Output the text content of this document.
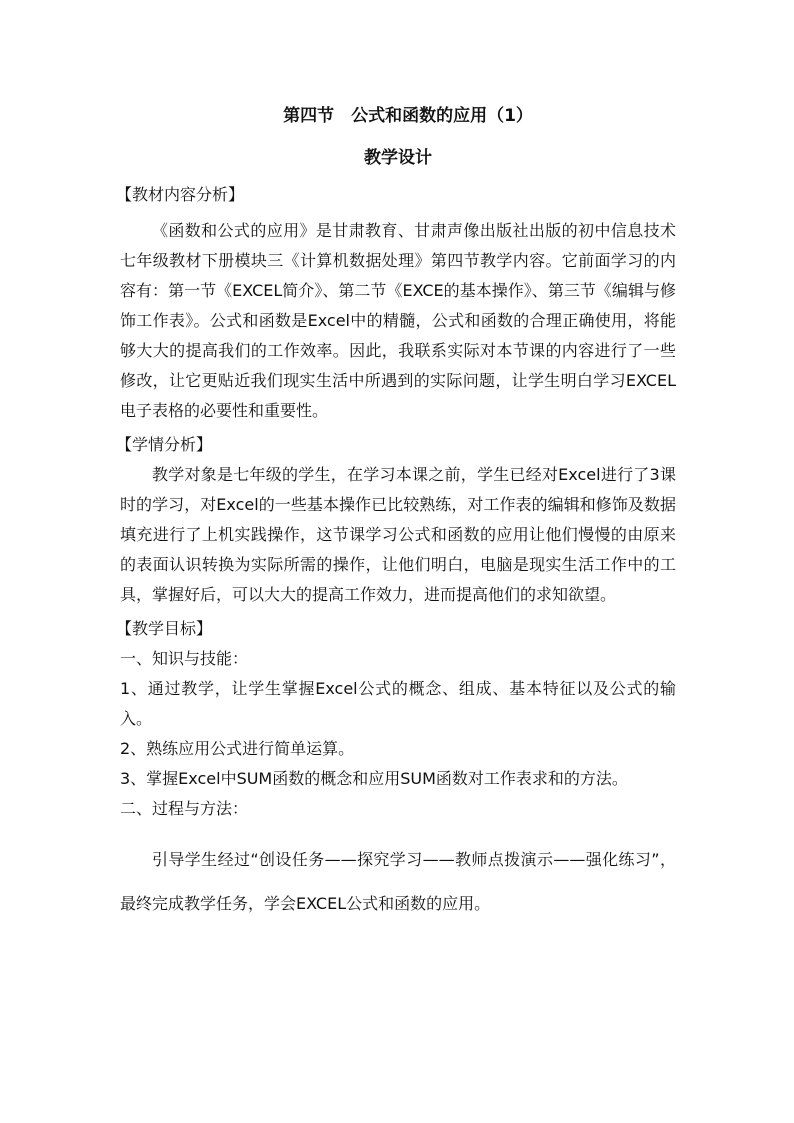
第四节　公式和函数的应用（1）

教学设计

【教材内容分析】

《函数和公式的应用》是甘肃教育、甘肃声像出版社出版的初中信息技术七年级教材下册模块三《计算机数据处理》第四节教学内容。它前面学习的内容有：第一节《EXCEL简介》、第二节《EXCE的基本操作》、第三节《编辑与修饰工作表》。公式和函数是Excel中的精髓，公式和函数的合理正确使用，将能够大大的提高我们的工作效率。因此，我联系实际对本节课的内容进行了一些修改，让它更贴近我们现实生活中所遇到的实际问题，让学生明白学习EXCEL电子表格的必要性和重要性。

【学情分析】

教学对象是七年级的学生，在学习本课之前，学生已经对Excel进行了3课时的学习，对Excel的一些基本操作已比较熟练，对工作表的编辑和修饰及数据填充进行了上机实践操作，这节课学习公式和函数的应用让他们慢慢的由原来的表面认识转换为实际所需的操作，让他们明白，电脑是现实生活工作中的工具，掌握好后，可以大大的提高工作效力，进而提高他们的求知欲望。

【教学目标】

一、知识与技能：

1、通过教学，让学生掌握Excel公式的概念、组成、基本特征以及公式的输入。

2、熟练应用公式进行简单运算。

3、掌握Excel中SUM函数的概念和应用SUM函数对工作表求和的方法。

二、过程与方法：

引导学生经过“创设任务——探究学习——教师点拨演示——强化练习”，最终完成教学任务，学会EXCEL公式和函数的应用。
